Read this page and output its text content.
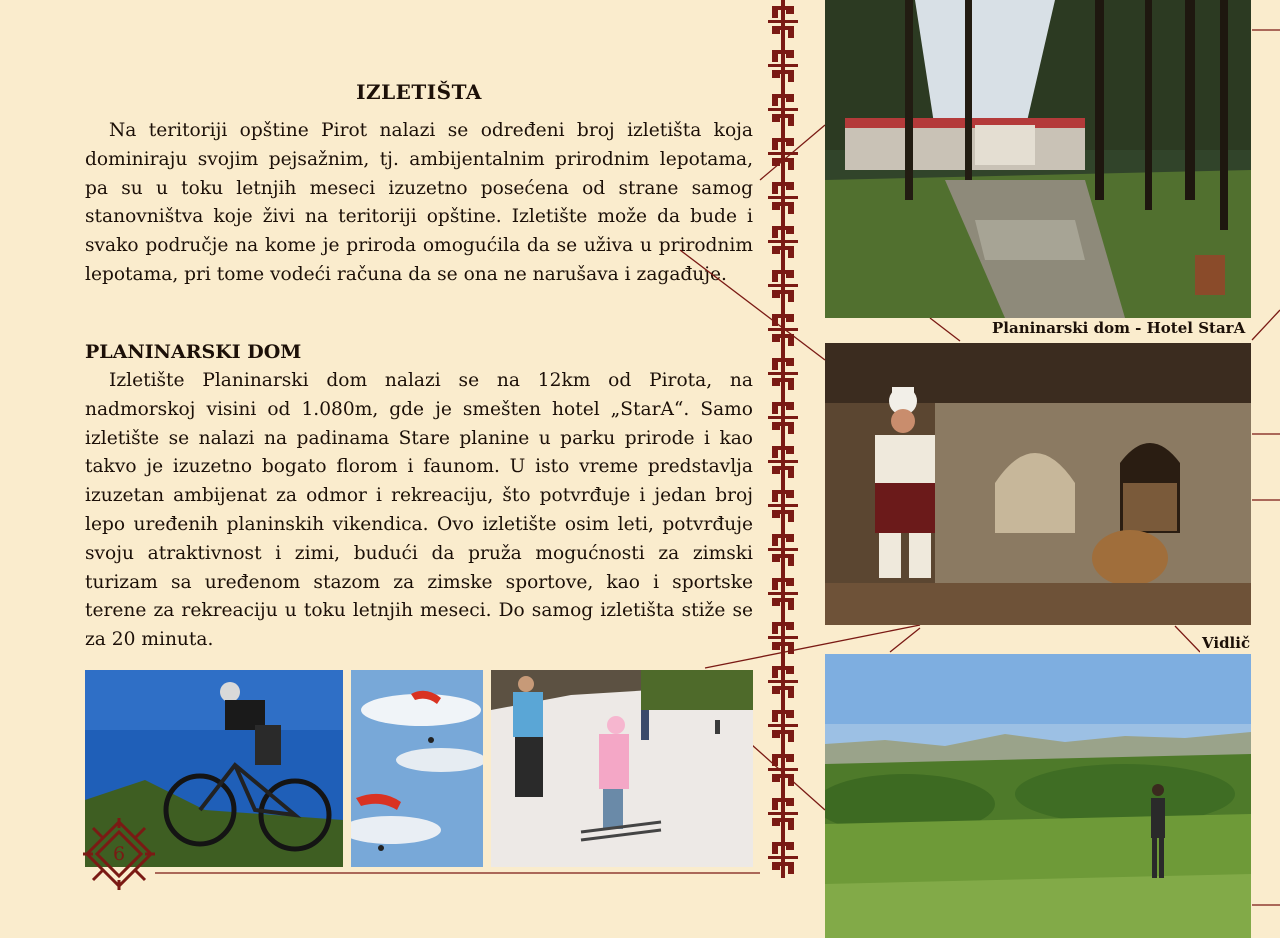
IZLETIŠTA

Na teritoriji opštine Pirot nalazi se određeni broj izletišta koja dominiraju svojim pejsažnim, tj. ambijentalnim prirodnim lepotama, pa su u toku letnjih meseci izuzetno posećena od strane samog stanovništva koje živi na teritoriji opštine. Izletište može da bude i svako područje na kome je priroda omogućila da se uživa u prirodnim lepotama, pri tome vodeći računa da se ona ne narušava i zagađuje.

PLANINARSKI DOM

Izletište Planinarski dom nalazi se na 12km od Pirota, na nadmorskoj visini od 1.080m, gde je smešten hotel „StarA“. Samo izletište se nalazi na padinama Stare planine u parku prirode i kao takvo je izuzetno bogato florom i faunom. U isto vreme predstavlja izuzetan ambijenat za odmor i rekreaciju, što potvrđuje i jedan broj lepo uređenih planinskih vikendica. Ovo izletište osim leti, potvrđuje svoju atraktivnost i zimi, budući da pruža mogućnosti za zimski turizam sa uređenom stazom za zimske sportove, kao i sportske terene za rekreaciju u toku letnjih meseci. Do samog izletišta stiže se za 20 minuta.

Planinarski dom - Hotel StarA
Vidlič
6
